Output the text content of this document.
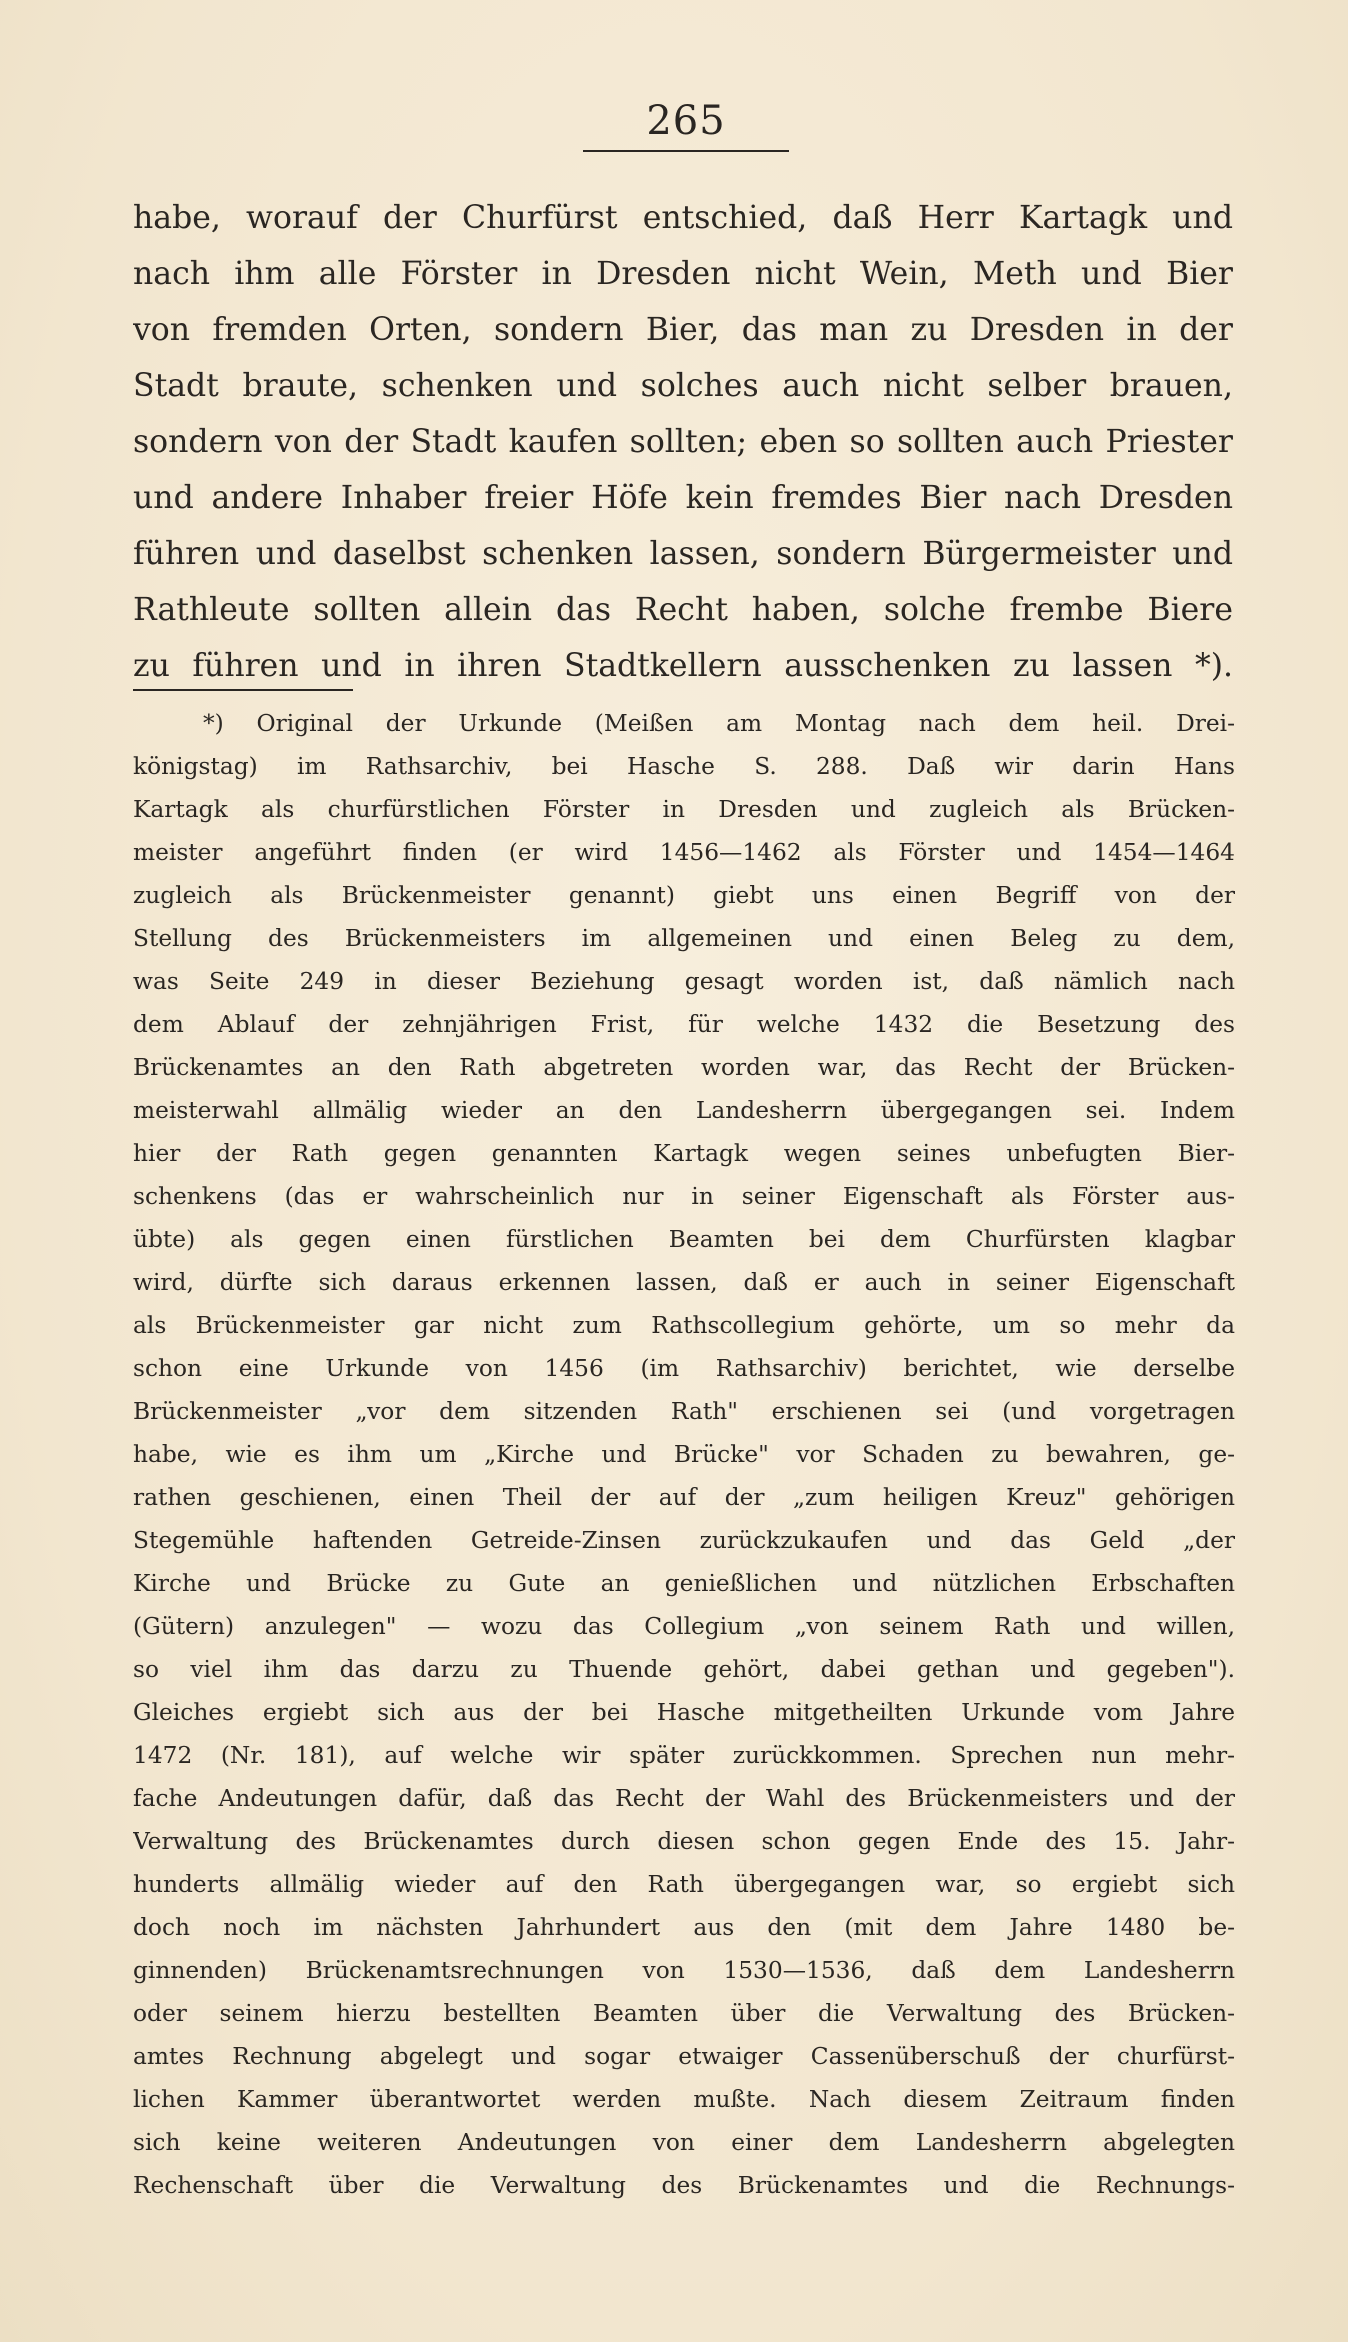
265
habe, worauf der Churfürst entschied, daß Herr Kartagk und
nach ihm alle Förster in Dresden nicht Wein, Meth und Bier
von fremden Orten, sondern Bier, das man zu Dresden in der
Stadt braute, schenken und solches auch nicht selber brauen,
sondern von der Stadt kaufen sollten; eben so sollten auch Priester
und andere Inhaber freier Höfe kein fremdes Bier nach Dresden
führen und daselbst schenken lassen, sondern Bürgermeister und
Rathleute sollten allein das Recht haben, solche frembe Biere
zu führen und in ihren Stadtkellern ausschenken zu lassen *).
*) Original der Urkunde (Meißen am Montag nach dem heil. Drei-
königstag) im Rathsarchiv, bei Hasche S. 288. Daß wir darin Hans
Kartagk als churfürstlichen Förster in Dresden und zugleich als Brücken-
meister angeführt finden (er wird 1456—1462 als Förster und 1454—1464
zugleich als Brückenmeister genannt) giebt uns einen Begriff von der
Stellung des Brückenmeisters im allgemeinen und einen Beleg zu dem,
was Seite 249 in dieser Beziehung gesagt worden ist, daß nämlich nach
dem Ablauf der zehnjährigen Frist, für welche 1432 die Besetzung des
Brückenamtes an den Rath abgetreten worden war, das Recht der Brücken-
meisterwahl allmälig wieder an den Landesherrn übergegangen sei. Indem
hier der Rath gegen genannten Kartagk wegen seines unbefugten Bier-
schenkens (das er wahrscheinlich nur in seiner Eigenschaft als Förster aus-
übte) als gegen einen fürstlichen Beamten bei dem Churfürsten klagbar
wird, dürfte sich daraus erkennen lassen, daß er auch in seiner Eigenschaft
als Brückenmeister gar nicht zum Rathscollegium gehörte, um so mehr da
schon eine Urkunde von 1456 (im Rathsarchiv) berichtet, wie derselbe
Brückenmeister „vor dem sitzenden Rath" erschienen sei (und vorgetragen
habe, wie es ihm um „Kirche und Brücke" vor Schaden zu bewahren, ge-
rathen geschienen, einen Theil der auf der „zum heiligen Kreuz" gehörigen
Stegemühle haftenden Getreide-Zinsen zurückzukaufen und das Geld „der
Kirche und Brücke zu Gute an genießlichen und nützlichen Erbschaften
(Gütern) anzulegen" — wozu das Collegium „von seinem Rath und willen,
so viel ihm das darzu zu Thuende gehört, dabei gethan und gegeben").
Gleiches ergiebt sich aus der bei Hasche mitgetheilten Urkunde vom Jahre
1472 (Nr. 181), auf welche wir später zurückkommen. Sprechen nun mehr-
fache Andeutungen dafür, daß das Recht der Wahl des Brückenmeisters und der
Verwaltung des Brückenamtes durch diesen schon gegen Ende des 15. Jahr-
hunderts allmälig wieder auf den Rath übergegangen war, so ergiebt sich
doch noch im nächsten Jahrhundert aus den (mit dem Jahre 1480 be-
ginnenden) Brückenamtsrechnungen von 1530—1536, daß dem Landesherrn
oder seinem hierzu bestellten Beamten über die Verwaltung des Brücken-
amtes Rechnung abgelegt und sogar etwaiger Cassenüberschuß der churfürst-
lichen Kammer überantwortet werden mußte. Nach diesem Zeitraum finden
sich keine weiteren Andeutungen von einer dem Landesherrn abgelegten
Rechenschaft über die Verwaltung des Brückenamtes und die Rechnungs-
